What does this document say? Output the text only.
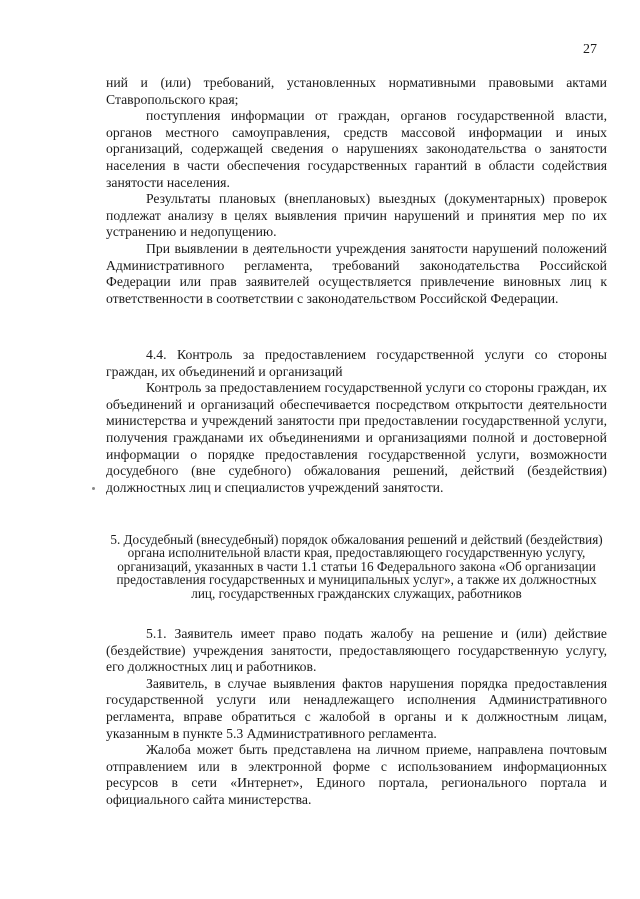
27

ний и (или) требований, установленных нормативными правовыми актами Ставропольского края;

поступления информации от граждан, органов государственной власти, органов местного самоуправления, средств массовой информации и иных организаций, содержащей сведения о нарушениях законодательства о занятости населения в части обеспечения государственных гарантий в области содействия занятости населения.

Результаты плановых (внеплановых) выездных (документарных) проверок подлежат анализу в целях выявления причин нарушений и принятия мер по их устранению и недопущению.

При выявлении в деятельности учреждения занятости нарушений положений Административного регламента, требований законодательства Российской Федерации или прав заявителей осуществляется привлечение виновных лиц к ответственности в соответствии с законодательством Российской Федерации.

4.4. Контроль за предоставлением государственной услуги со стороны граждан, их объединений и организаций

Контроль за предоставлением государственной услуги со стороны граждан, их объединений и организаций обеспечивается посредством открытости деятельности министерства и учреждений занятости при предоставлении государственной услуги, получения гражданами их объединениями и организациями полной и достоверной информации о порядке предоставления государственной услуги, возможности досудебного (вне судебного) обжалования решений, действий (бездействия) должностных лиц и специалистов учреждений занятости.

5. Досудебный (внесудебный) порядок обжалования решений и действий (бездействия) органа исполнительной власти края, предоставляющего государственную услугу, организаций, указанных в части 1.1 статьи 16 Федерального закона «Об организации предоставления государственных и муниципальных услуг», а также их должностных лиц, государственных гражданских служащих, работников

5.1. Заявитель имеет право подать жалобу на решение и (или) действие (бездействие) учреждения занятости, предоставляющего государственную услугу, его должностных лиц и работников.

Заявитель, в случае выявления фактов нарушения порядка предоставления государственной услуги или ненадлежащего исполнения Административного регламента, вправе обратиться с жалобой в органы и к должностным лицам, указанным в пункте 5.3 Административного регламента.

Жалоба может быть представлена на личном приеме, направлена почтовым отправлением или в электронной форме с использованием информационных ресурсов в сети «Интернет», Единого портала, регионального портала и официального сайта министерства.
